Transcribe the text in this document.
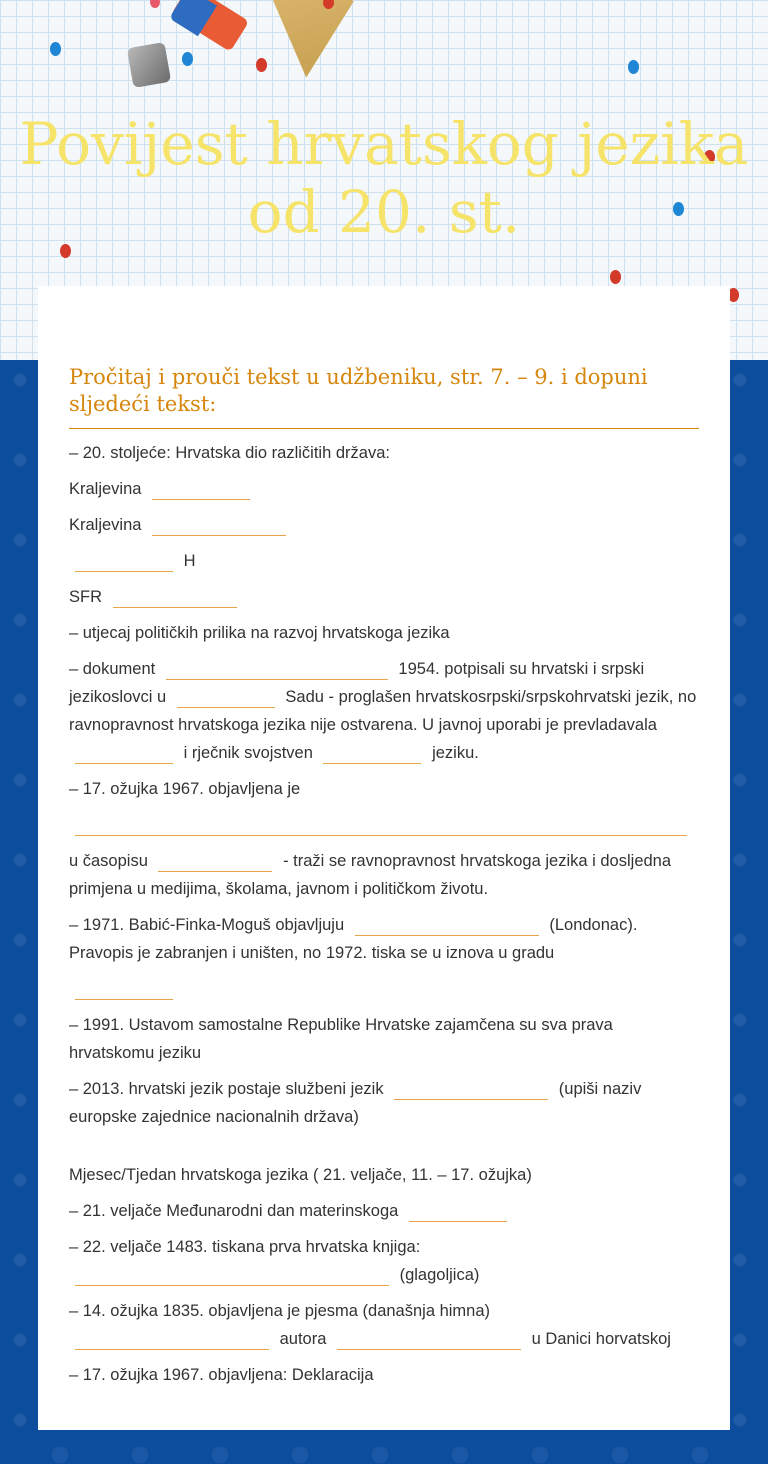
Povijest hrvatskog jezika
od 20. st.
Pročitaj i prouči tekst u udžbeniku, str. 7. – 9. i dopuni sljedeći tekst:

– 20. stoljeće: Hrvatska dio različitih država:

Kraljevina

Kraljevina

H

SFR

– utjecaj političkih prilika na razvoj hrvatskoga jezika

– dokument	1954. potpisali su hrvatski i srpski jezikoslovci u	Sadu - proglašen hrvatskosrpski/srpskohrvatski jezik, no ravnopravnost hrvatskoga jezika nije ostvarena. U javnoj uporabi je prevladavala  i rječnik svojstven	jeziku.

– 17. ožujka 1967. objavljena je

u časopisu	- traži se ravnopravnost hrvatskoga jezika i dosljedna primjena u medijima, školama, javnom i političkom životu.

– 1971. Babić-Finka-Moguš objavljuju	(Londonac). Pravopis je zabranjen i uništen, no 1972. tiska se u iznova u gradu

– 1991. Ustavom samostalne Republike Hrvatske zajamčena su sva prava hrvatskomu jeziku

– 2013. hrvatski jezik postaje službeni jezik	(upiši naziv europske zajednice nacionalnih država)

Mjesec/Tjedan hrvatskoga jezika ( 21. veljače, 11. – 17. ožujka)

– 21. veljače Međunarodni dan materinskoga

– 22. veljače 1483. tiskana prva hrvatska knjiga:  (glagoljica)

– 14. ožujka 1835. objavljena je pjesma (današnja himna)  autora	u Danici horvatskoj

– 17. ožujka 1967. objavljena: Deklaracija
